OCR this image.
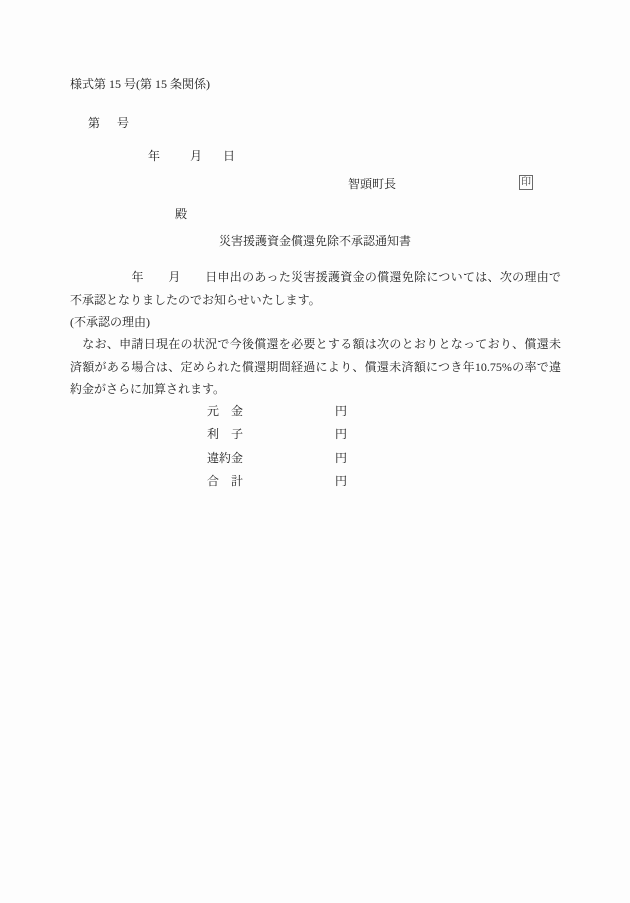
様式第 15 号(第 15 条関係)
第 号
年 月 日
智頭町長	印
殿
災害援護資金償還免除不承認通知書
　　　　　年　　月　　日申出のあった災害援護資金の償還免除については、次の理由で
不承認となりましたのでお知らせいたします。
(不承認の理由)
　なお、申請日現在の状況で今後償還を必要とする額は次のとおりとなっており、償還未
済額がある場合は、定められた償還期間経過により、償還未済額につき年10.75%の率で違
約金がさらに加算されます。
元　金	円
利　子	円
違約金	円
合　計	円
